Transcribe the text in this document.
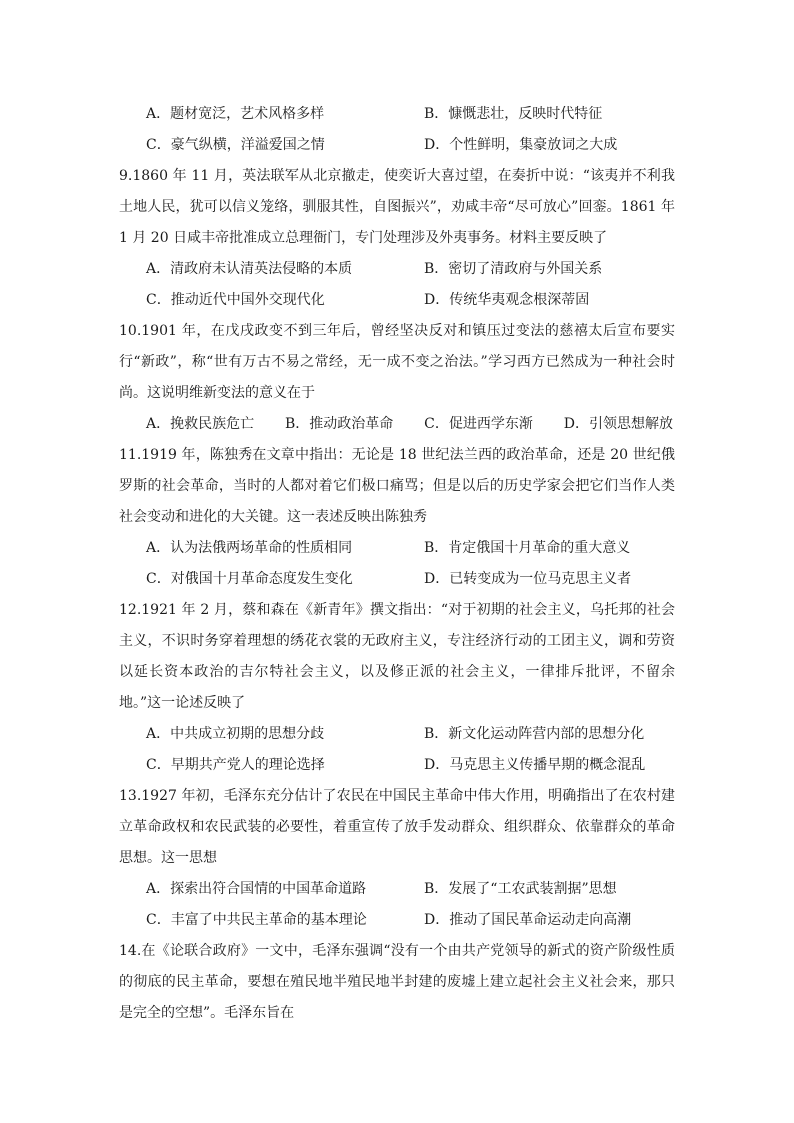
A．题材宽泛，艺术风格多样	B．慷慨悲壮，反映时代特征
C．豪气纵横，洋溢爱国之情	D．个性鲜明，集豪放词之大成

9.1860 年 11 月，英法联军从北京撤走，使奕䜣大喜过望，在奏折中说：“该夷并不利我土地人民，犹可以信义笼络，驯服其性，自图振兴”，劝咸丰帝“尽可放心”回銮。1861 年 1 月 20 日咸丰帝批准成立总理衙门，专门处理涉及外夷事务。材料主要反映了

A．清政府未认清英法侵略的本质	B．密切了清政府与外国关系
C．推动近代中国外交现代化	D．传统华夷观念根深蒂固

10.1901 年，在戊戌政变不到三年后，曾经坚决反对和镇压过变法的慈禧太后宣布要实行“新政”，称“世有万古不易之常经，无一成不变之治法。”学习西方已然成为一种社会时尚。这说明维新变法的意义在于

A．挽救民族危亡 B．推动政治革命 C．促进西学东渐 D．引领思想解放

11.1919 年，陈独秀在文章中指出：无论是 18 世纪法兰西的政治革命，还是 20 世纪俄罗斯的社会革命，当时的人都对着它们极口痛骂；但是以后的历史学家会把它们当作人类社会变动和进化的大关键。这一表述反映出陈独秀

A．认为法俄两场革命的性质相同	B．肯定俄国十月革命的重大意义
C．对俄国十月革命态度发生变化	D．已转变成为一位马克思主义者

12.1921 年 2 月，蔡和森在《新青年》撰文指出：“对于初期的社会主义，乌托邦的社会主义，不识时务穿着理想的绣花衣裳的无政府主义，专注经济行动的工团主义，调和劳资以延长资本政治的吉尔特社会主义，以及修正派的社会主义，一律排斥批评，不留余地。”这一论述反映了

A．中共成立初期的思想分歧	B．新文化运动阵营内部的思想分化
C．早期共产党人的理论选择	D．马克思主义传播早期的概念混乱

13.1927 年初，毛泽东充分估计了农民在中国民主革命中伟大作用，明确指出了在农村建立革命政权和农民武装的必要性，着重宣传了放手发动群众、组织群众、依靠群众的革命思想。这一思想

A．探索出符合国情的中国革命道路	B．发展了“工农武装割据”思想
C．丰富了中共民主革命的基本理论	D．推动了国民革命运动走向高潮

14.在《论联合政府》一文中，毛泽东强调“没有一个由共产党领导的新式的资产阶级性质的彻底的民主革命，要想在殖民地半殖民地半封建的废墟上建立起社会主义社会来，那只是完全的空想”。毛泽东旨在
